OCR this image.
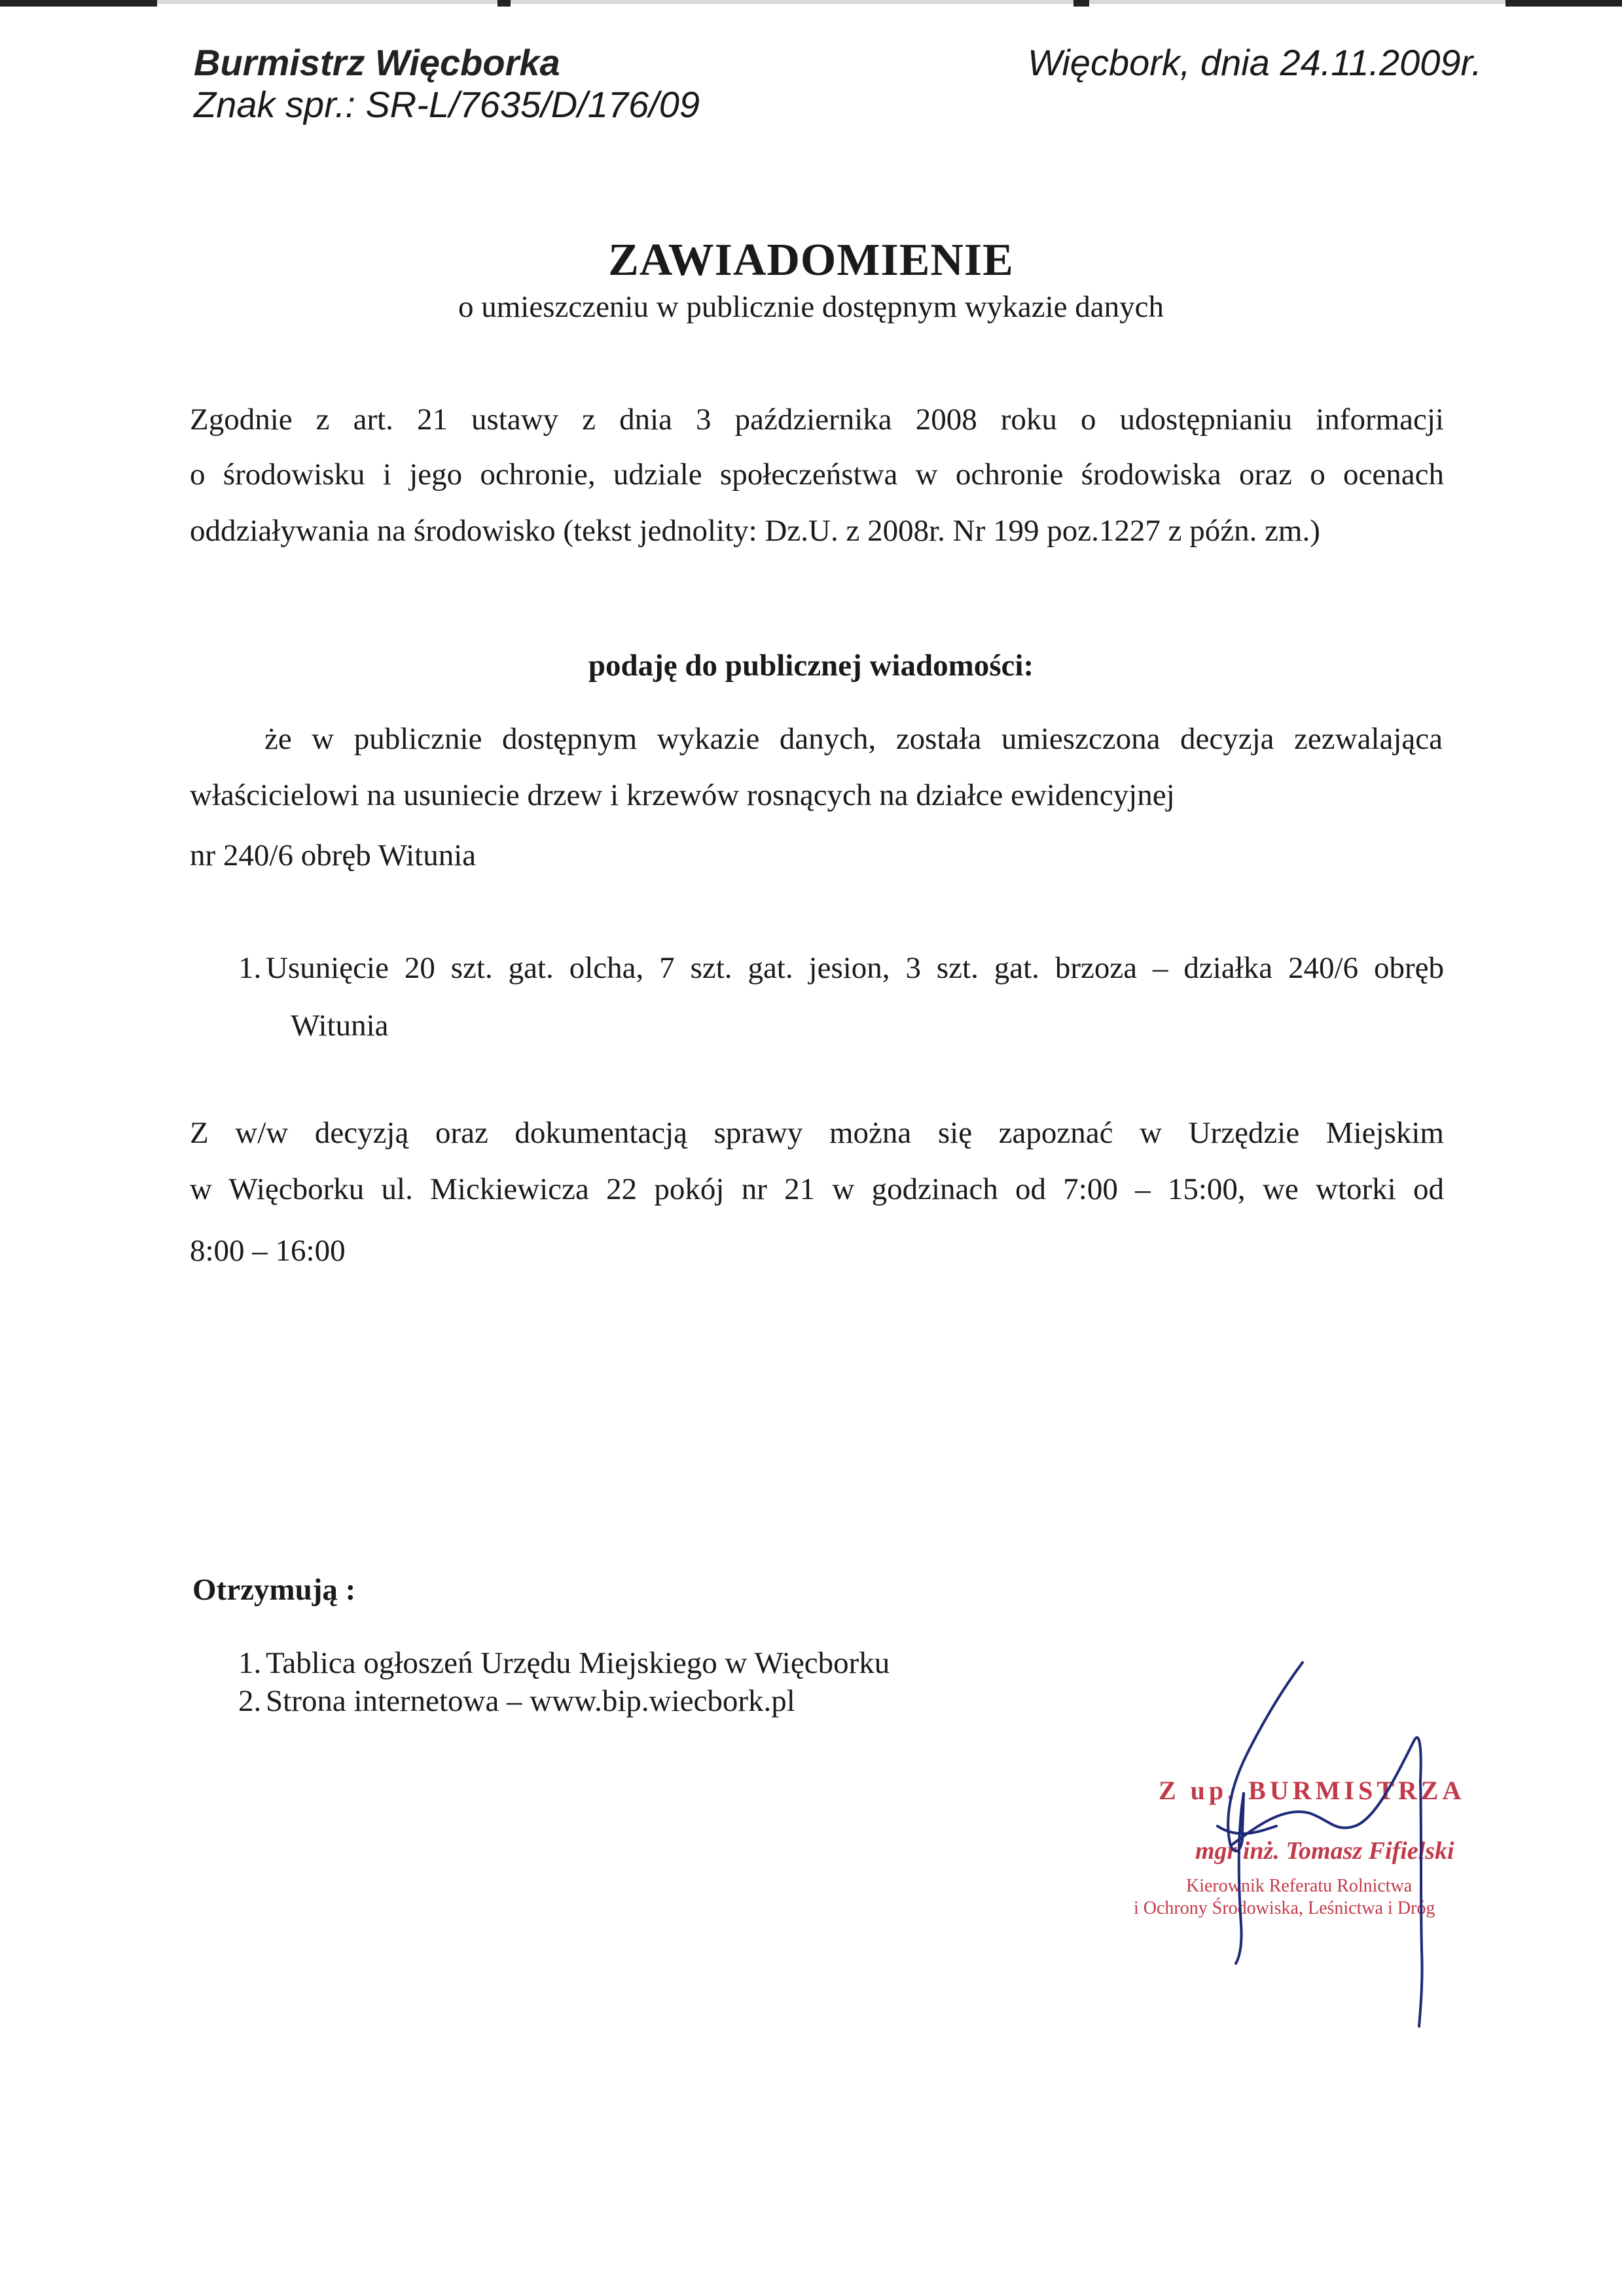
Burmistrz Więcborka
Znak spr.: SR-L/7635/D/176/09
Więcbork, dnia 24.11.2009r.
ZAWIADOMIENIE
o umieszczeniu w publicznie dostępnym wykazie danych
Zgodnie z art. 21 ustawy z dnia 3 października 2008 roku o udostępnianiu informacji
o środowisku i jego ochronie, udziale społeczeństwa w ochronie środowiska oraz o ocenach
oddziaływania na środowisko (tekst jednolity: Dz.U. z 2008r. Nr 199 poz.1227 z późn. zm.)
podaję do publicznej wiadomości:
że w publicznie dostępnym wykazie danych, została umieszczona decyzja zezwalająca
właścicielowi na usuniecie drzew i krzewów rosnących na działce ewidencyjnej
nr 240/6 obręb Witunia
1. Usunięcie 20 szt. gat. olcha, 7 szt. gat. jesion, 3 szt. gat. brzoza – działka 240/6 obręb
Witunia
Z w/w decyzją oraz dokumentacją sprawy można się zapoznać w Urzędzie Miejskim
w Więcborku ul. Mickiewicza 22 pokój nr 21 w godzinach od 7:00 – 15:00, we wtorki od
8:00 – 16:00
Otrzymują :
1. Tablica ogłoszeń Urzędu Miejskiego w Więcborku
2. Strona internetowa – www.bip.wiecbork.pl
Z up. BURMISTRZA
mgr inż. Tomasz Fifielski
Kierownik Referatu Rolnictwa
i Ochrony Środowiska, Leśnictwa i Dróg
